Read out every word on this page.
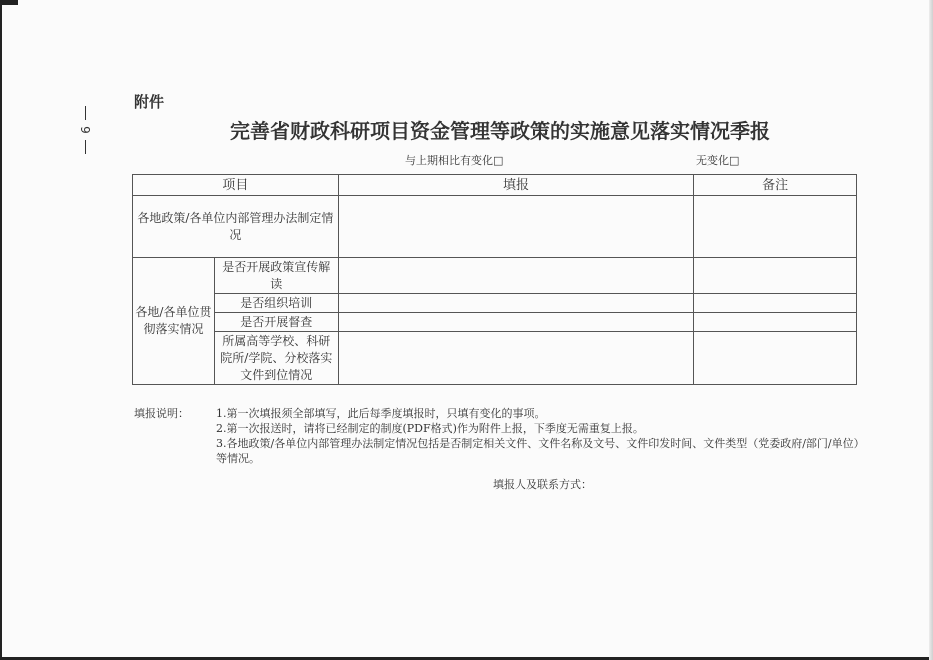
9
附件
完善省财政科研项目资金管理等政策的实施意见落实情况季报
与上期相比有变化□	无变化□
项目		填报	备注
各地政策/各单位内部管理办法制定情况			
各地/各单位贯彻落实情况	是否开展政策宣传解读		
	是否组织培训		
	是否开展督查		
	所属高等学校、科研院所/学院、分校落实文件到位情况		
填报说明： 1.第一次填报须全部填写，此后每季度填报时，只填有变化的事项。
2.第一次报送时，请将已经制定的制度(PDF格式)作为附件上报，下季度无需重复上报。
3.各地政策/各单位内部管理办法制定情况包括是否制定相关文件、文件名称及文号、文件印发时间、文件类型（党委政府/部门/单位）等情况。
填报人及联系方式：
